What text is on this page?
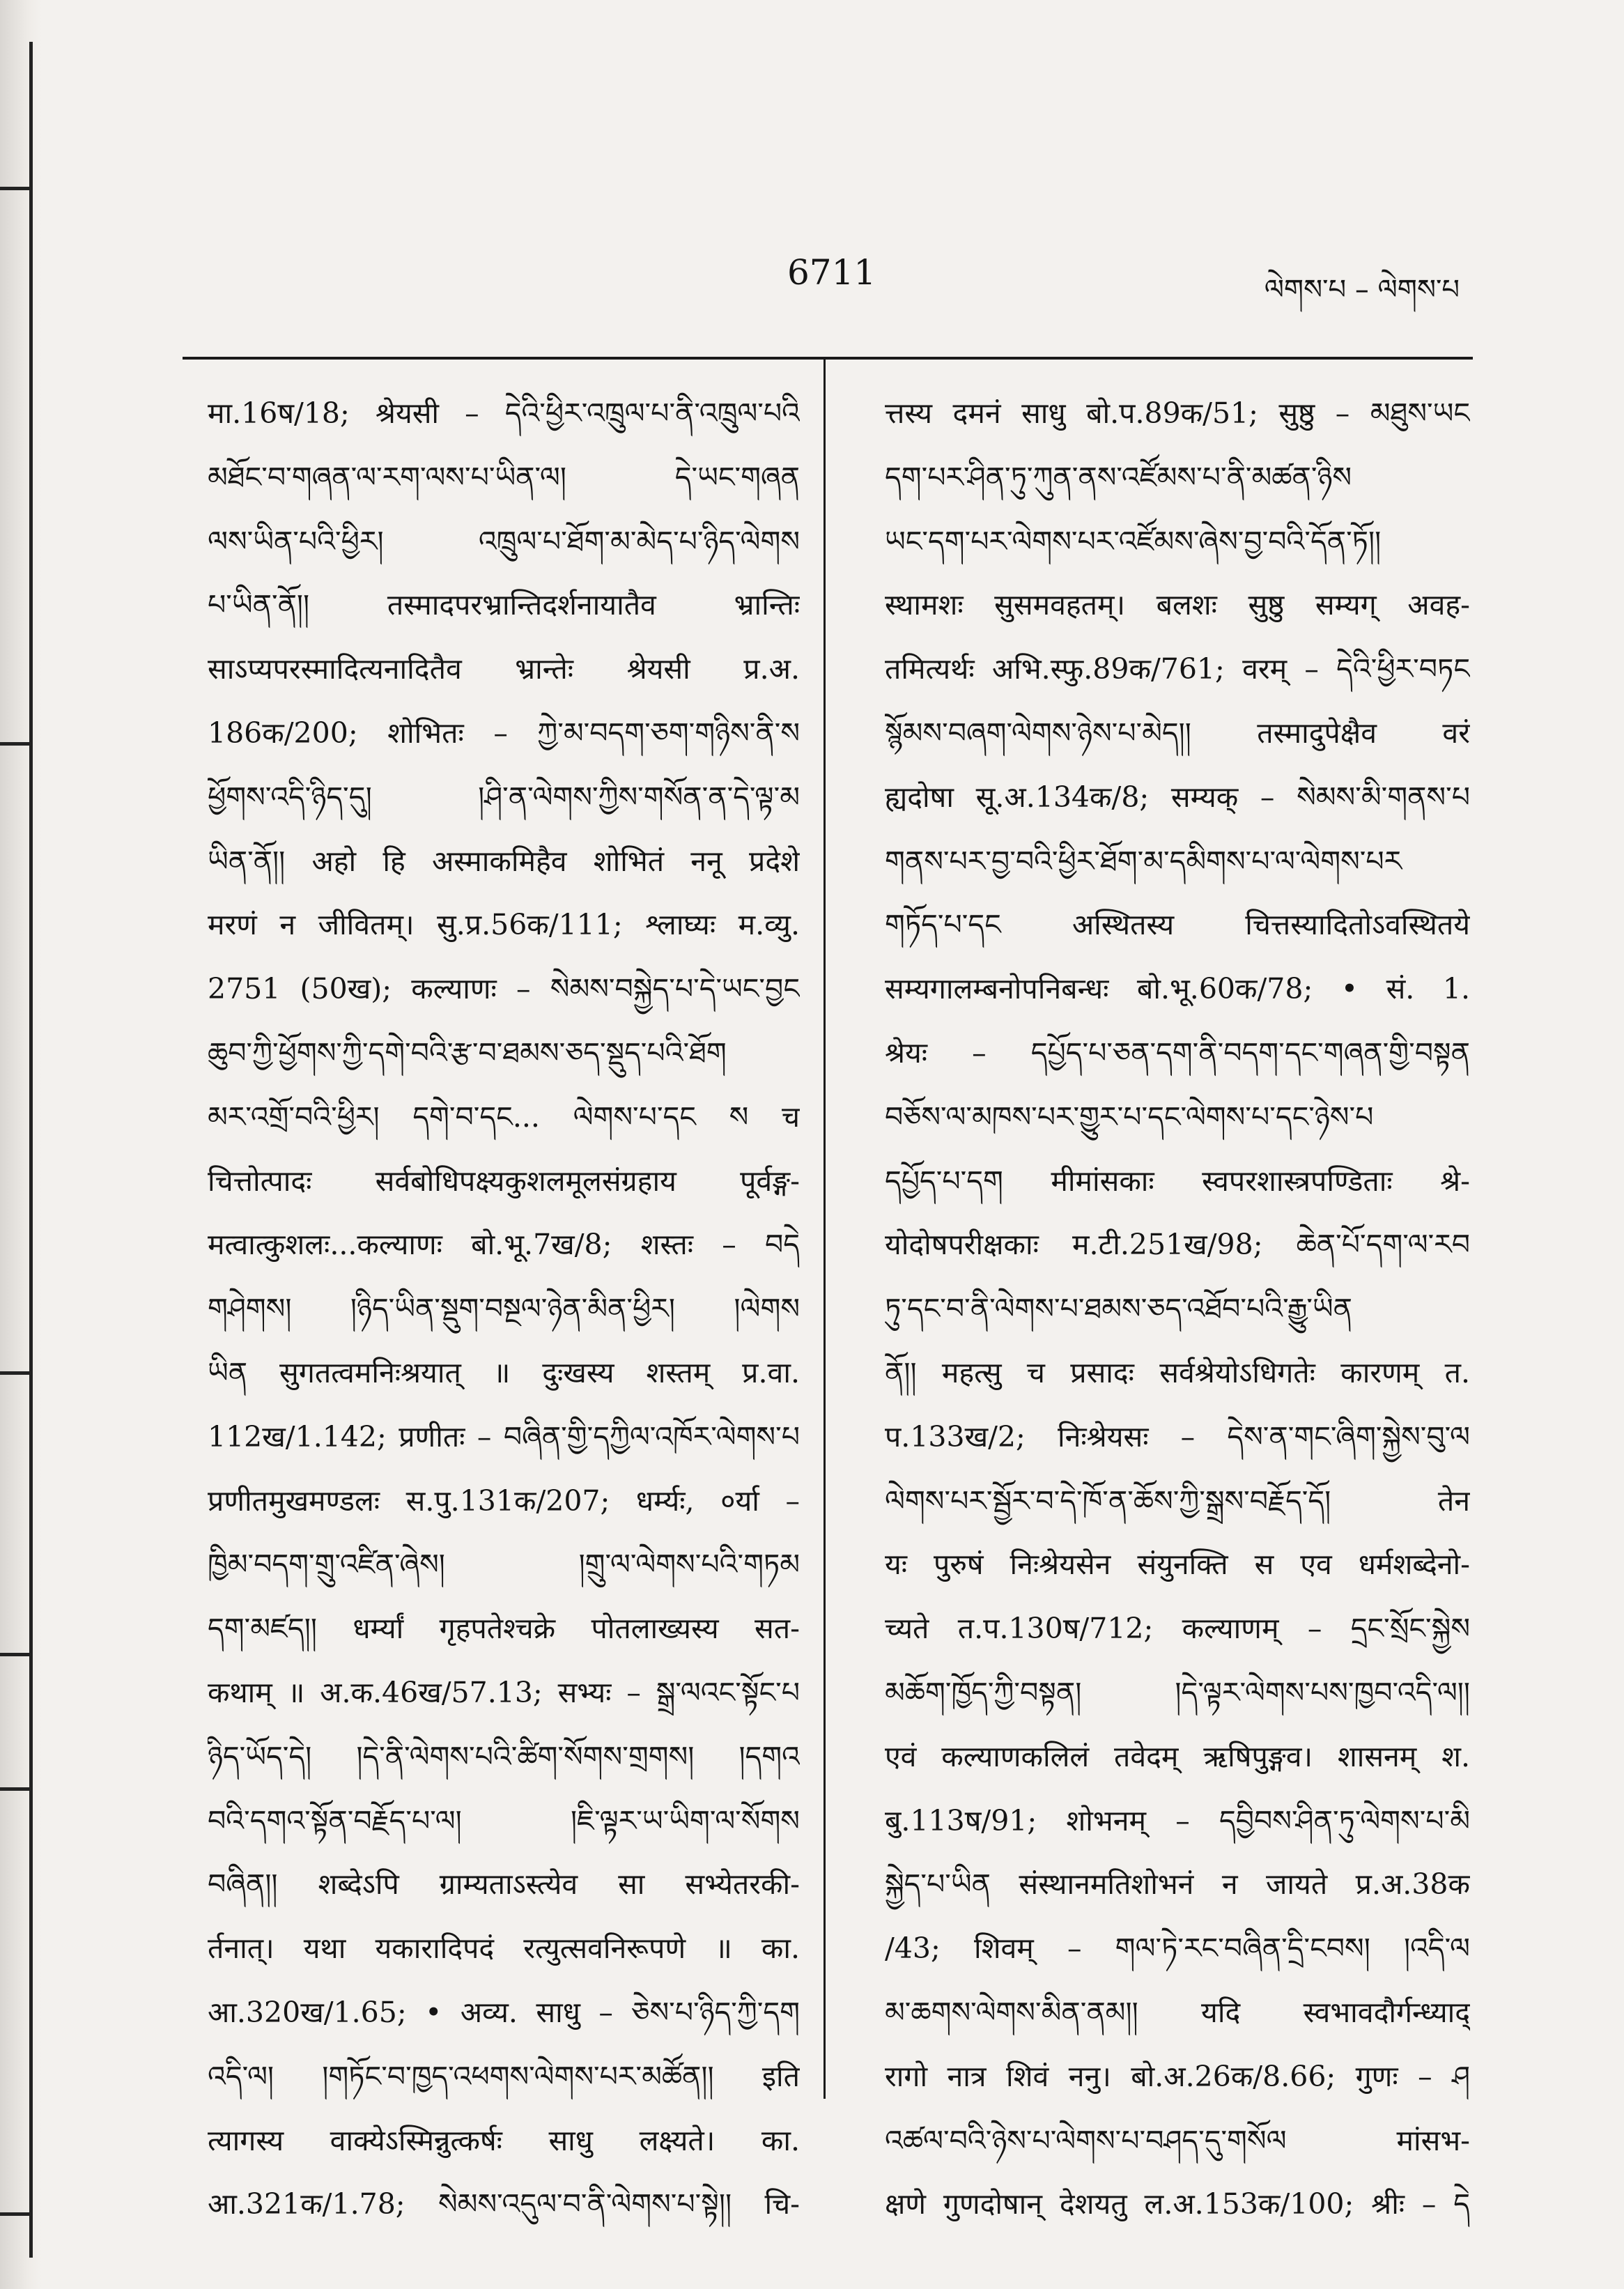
6711	ལེགས་པ – ལེགས་པ
मा.16ष/18; श्रेयसी – དེའི་ཕྱིར་འཁྲུལ་པ་ནི་འཁྲུལ་པའི
མཐོང་བ་གཞན་ལ་རག་ལས་པ་ཡིན་ལ། དེ་ཡང་གཞན
ལས་ཡིན་པའི་ཕྱིར། འཁྲུལ་པ་ཐོག་མ་མེད་པ་ཉིད་ལེགས
པ་ཡིན་ནོ།། तस्मादपरभ्रान्तिदर्शनायातैव भ्रान्तिः
साऽप्यपरस्मादित्यनादितैव भ्रान्तेः श्रेयसी प्र.अ.
186क/200; शोभितः – ཀྱེ་མ་བདག་ཅག་གཉིས་ནི་ས
ཕྱོགས་འདི་ཉིད་དུ། །ཤི་ན་ལེགས་ཀྱིས་གསོན་ན་དེ་ལྟ་མ
ཡིན་ནོ།། अहो हि अस्माकमिहैव शोभितं ननू प्रदेशे
मरणं न जीवितम्। सु.प्र.56क/111; श्लाघ्यः म.व्यु.
2751 (50ख); कल्याणः – སེམས་བསྐྱེད་པ་དེ་ཡང་བྱང
ཆུབ་ཀྱི་ཕྱོགས་ཀྱི་དགེ་བའི་རྩ་བ་ཐམས་ཅད་སྡུད་པའི་ཐོག
མར་འགྲོ་བའི་ཕྱིར། དགེ་བ་དང... ལེགས་པ་དང ས च
चित्तोत्पादः सर्वबोधिपक्ष्यकुशलमूलसंग्रहाय पूर्वङ्ग-
मत्वात्कुशलः...कल्याणः बो.भू.7ख/8; शस्तः – བདེ
གཤེགས། །ཉིད་ཡིན་སྡུག་བསྔལ་ཉེན་མིན་ཕྱིར། །ལེགས
ཡིན सुगतत्वमनिःश्रयात् ॥ दुःखस्य शस्तम् प्र.वा.
112ख/1.142; प्रणीतः – བཞིན་གྱི་དཀྱིལ་འཁོར་ལེགས་པ
प्रणीतमुखमण्डलः स.पु.131क/207; धर्म्यः, ०र्या –
ཁྱིམ་བདག་གྲུ་འཛིན་ཞེས། །གྲུ་ལ་ལེགས་པའི་གཏམ
དག་མཛད།། धर्म्यां गृहपतेश्चक्रे पोतलाख्यस्य सत-
कथाम् ॥ अ.क.46ख/57.13; सभ्यः – སྒྲ་ལའང་སྟོང་པ
ཉིད་ཡོད་དེ། །དེ་ནི་ལེགས་པའི་ཚིག་སོགས་གྲགས། །དགའ
བའི་དགའ་སྟོན་བརྗོད་པ་ལ། །ཇི་ལྟར་ཡ་ཡིག་ལ་སོགས
བཞིན།། शब्देऽपि ग्राम्यताऽस्त्येव सा सभ्येतरकी-
र्तनात्। यथा यकारादिपदं रत्युत्सवनिरूपणे ॥ का.
आ.320ख/1.65; • अव्य. साधु – ཅེས་པ་ཉིད་ཀྱི་དག
འདི་ལ། །གཏོང་བ་ཁྱད་འཕགས་ལེགས་པར་མཚོན།། इति
त्यागस्य वाक्येऽस्मिन्नुत्कर्षः साधु लक्ष्यते। का.
आ.321क/1.78; སེམས་འདུལ་བ་ནི་ལེགས་པ་སྟེ།། चि-
त्तस्य दमनं साधु बो.प.89क/51; सुष्ठु – མཐུས་ཡང
དག་པར་ཤིན་ཏུ་ཀུན་ནས་འཛོམས་པ་ནི་མཚན་ཉིས
ཡང་དག་པར་ལེགས་པར་འཛོམས་ཞེས་བྱ་བའི་དོན་ཏོ།།
स्थामशः सुसमवहतम्। बलशः सुष्ठु सम्यग् अवह-
तमित्यर्थः अभि.स्फु.89क/761; वरम् – དེའི་ཕྱིར་བཏང
སྙོམས་བཞག་ལེགས་ཉེས་པ་མེད།། तस्मादुपेक्षैव वरं
ह्यदोषा सू.अ.134क/8; सम्यक् – སེམས་མི་གནས་པ
གནས་པར་བྱ་བའི་ཕྱིར་ཐོག་མ་དམིགས་པ་ལ་ལེགས་པར
གཏོད་པ་དང अस्थितस्य चित्तस्यादितोऽवस्थितये
सम्यगालम्बनोपनिबन्धः बो.भू.60क/78; • सं. 1.
श्रेयः – དཔྱོད་པ་ཅན་དག་ནི་བདག་དང་གཞན་གྱི་བསྟན
བཅོས་ལ་མཁས་པར་གྱུར་པ་དང་ལེགས་པ་དང་ཉེས་པ
དཔྱོད་པ་དག मीमांसकाः स्वपरशास्त्रपण्डिताः श्रे-
योदोषपरीक्षकाः म.टी.251ख/98; ཆེན་པོ་དག་ལ་རབ
ཏུ་དང་བ་ནི་ལེགས་པ་ཐམས་ཅད་འཐོབ་པའི་རྒྱུ་ཡིན
ནོ།། महत्सु च प्रसादः सर्वश्रेयोऽधिगतेः कारणम् त.
प.133ख/2; निःश्रेयसः – དེས་ན་གང་ཞིག་སྐྱེས་བུ་ལ
ལེགས་པར་སྦྱོར་བ་དེ་ཁོ་ན་ཆོས་ཀྱི་སྒྲས་བརྗོད་དོ། तेन
यः पुरुषं निःश्रेयसेन संयुनक्ति स एव धर्मशब्देनो-
च्यते त.प.130ष/712; कल्याणम् – དྲང་སྲོང་སྐྱེས
མཆོག་ཁྱོད་ཀྱི་བསྟན། །དེ་ལྟར་ལེགས་པས་ཁྱབ་འདི་ལ།།
एवं कल्याणकलिलं तवेदम् ऋषिपुङ्गव। शासनम् श.
बु.113ष/91; शोभनम् – དབྱིབས་ཤིན་ཏུ་ལེགས་པ་མི
སྐྱེད་པ་ཡིན संस्थानमतिशोभनं न जायते प्र.अ.38क
/43; शिवम् – གལ་ཏེ་རང་བཞིན་དྲི་ངབས། །འདི་ལ
མ་ཆགས་ལེགས་མིན་ནམ།། यदि स्वभावदौर्गन्ध्याद्
रागो नात्र शिवं ननु। बो.अ.26क/8.66; गुणः – ཤ
འཚལ་བའི་ཉེས་པ་ལེགས་པ་བཤད་དུ་གསོལ मांसभ-
क्षणे गुणदोषान् देशयतु ल.अ.153क/100; श्रीः – དེ
